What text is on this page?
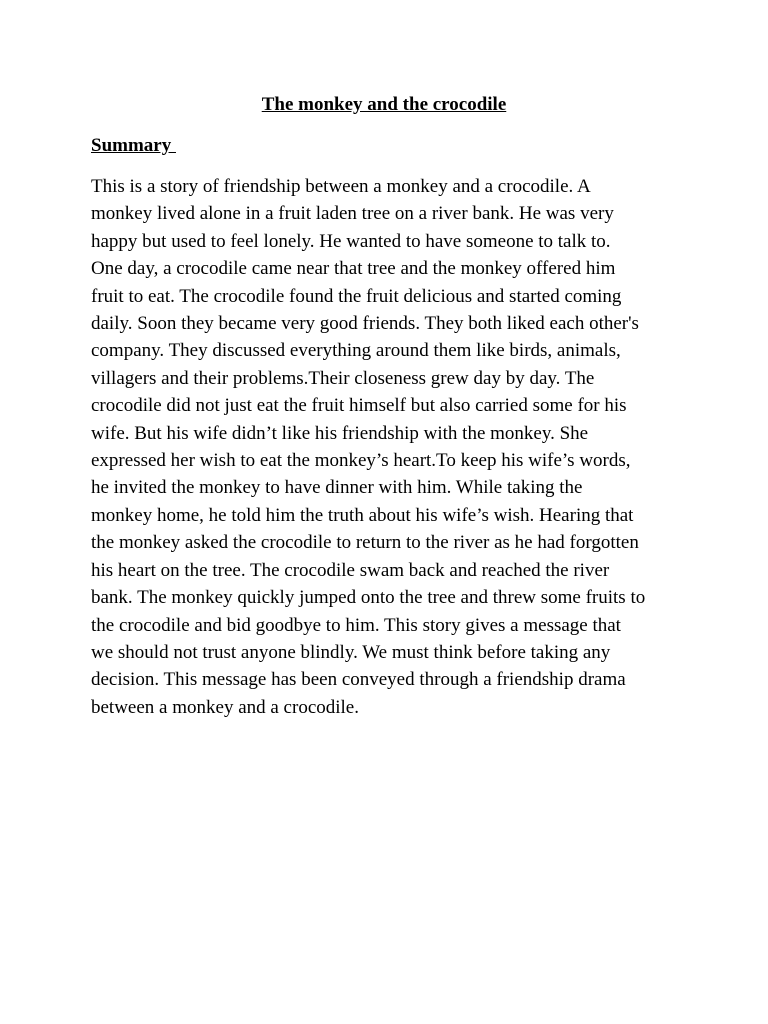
The monkey and the crocodile
Summary

This is a story of friendship between a monkey and a crocodile. A
monkey lived alone in a fruit laden tree on a river bank. He was very
happy but used to feel lonely. He wanted to have someone to talk to.
One day, a crocodile came near that tree and the monkey offered him
fruit to eat. The crocodile found the fruit delicious and started coming
daily. Soon they became very good friends. They both liked each other's
company. They discussed everything around them like birds, animals,
villagers and their problems.Their closeness grew day by day. The
crocodile did not just eat the fruit himself but also carried some for his
wife. But his wife didn’t like his friendship with the monkey. She
expressed her wish to eat the monkey’s heart.To keep his wife’s words,
he invited the monkey to have dinner with him. While taking the
monkey home, he told him the truth about his wife’s wish. Hearing that
the monkey asked the crocodile to return to the river as he had forgotten
his heart on the tree. The crocodile swam back and reached the river
bank. The monkey quickly jumped onto the tree and threw some fruits to
the crocodile and bid goodbye to him. This story gives a message that
we should not trust anyone blindly. We must think before taking any
decision. This message has been conveyed through a friendship drama
between a monkey and a crocodile.
